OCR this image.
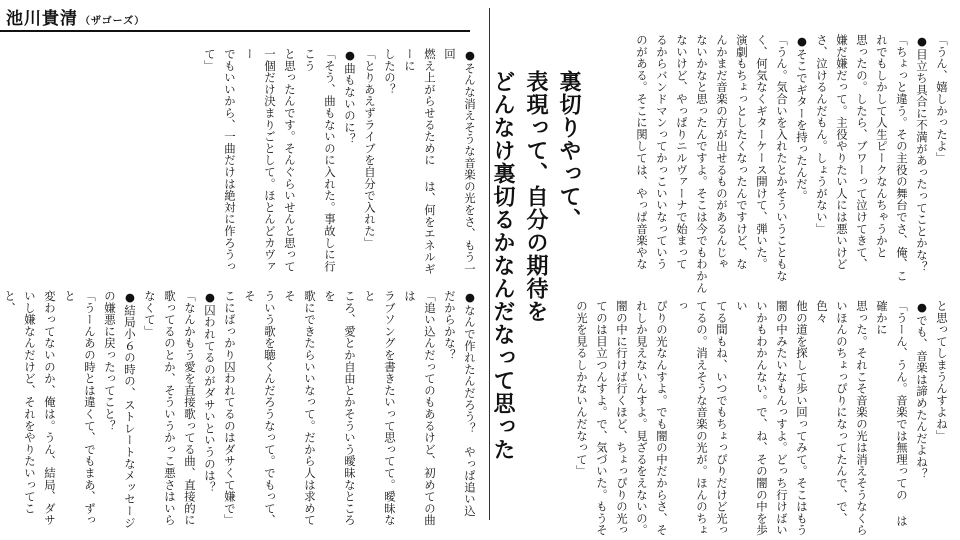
池川貴清 （ザゴーズ）
●そんな消えそうな音楽の光をさ、もう一回
燃え上がらせるために は、何をエネルギーに
したの？
「とりあえずライブを自分で入れた」
●曲もないのに？
「そう、曲もないのに入れた。事故しに行こう
と思ったんです。そんぐらいせんと思って
一個だけ決まりごとして。ほとんどカヴァー
でもいいから、一曲だけは絶対に作ろうって」
●なんで作れたんだろう？　やっぱ追い込
だからかな？
「追い込んだってのもあるけど、初めての曲は
ラブソングを書きたいって思ってて。曖昧なと
ころ、愛とか自由とかそういう曖昧なところを
歌にできたらいいなって。だから人は求めてそ
ういう歌を聴くんだろうなって。でもって、そ
こにばっかり囚われてるのはダサくて嫌で」
●囚われてるのがダサいというのは？
「なんかもう愛を直接歌ってる曲、直接的に
歌ってるのとか、そういうかっこ悪さはいら
なくて」
●結局小６の時の、ストレートなメッセージ
の嫌悪に戻ったってこと？
「うーんあの時とは違くて、でもまあ、ずっと
変わってないのか、俺は。うん、結局、ダサ
いし嫌なんだけど、それをやりたいってこと、

裏切りやって、
表現って、自分の期待を
どんなけ裏切るかなんだなって思った	「うん、嬉しかったよ」
●目立ち具合に不満があったってことかな？
「ちょっと違う。その主役の舞台でさ、俺、こ
れでもしかして人生ピークなんちゃうかと
思ったの。したら、ブワーって泣けてきて、
嫌だ嫌だって。主役やりたい人には悪いけど
さ、泣けるんだもん。しょうがない」
●そこでギターを持ったんだ。
「うん。気合いを入れたとかそういうこともな
く、何気なくギターケース開けて、弾いた。
演劇もちょっとしたくなったんですけど、な
んかまだ音楽の方が出せるものがあるんじゃ
ないかなと思ったんですよ。そこは今でもわかん
ないけど、やっぱりニルヴァーナで始まって
るからバンドマンってかっこいいなっていう
のがある。そこに関しては、やっぱ音楽やな
と思ってしまうんすよね」
●でも、音楽は諦めたんだよね？
「うーん、うん。音楽では無理っての は確かに
思った。それこそ音楽の光は消えそうなくら
いほんのちょっぴりになってたんで、で、色々
他の道を探して歩い回ってみて。そこはもう
闇の中みたいなもんっすよ。どっち行けばい
いかもわかんない。で、ね、その闇の中を歩い
てる間もね、いつでもちょっぴりだけど光っ
てるの。消えそうな音楽の光が。ほんのちょっ
ぴりの光なんすよ。でも闇の中だからさ、そ
れしか見えないんすよ。見ざるをえないの。
闇の中に行けば行くほど、ちょっぴりの光っ
てのは目立つんすよ。で、気づいた。もうそ
の光を見るしかないんだなって」
